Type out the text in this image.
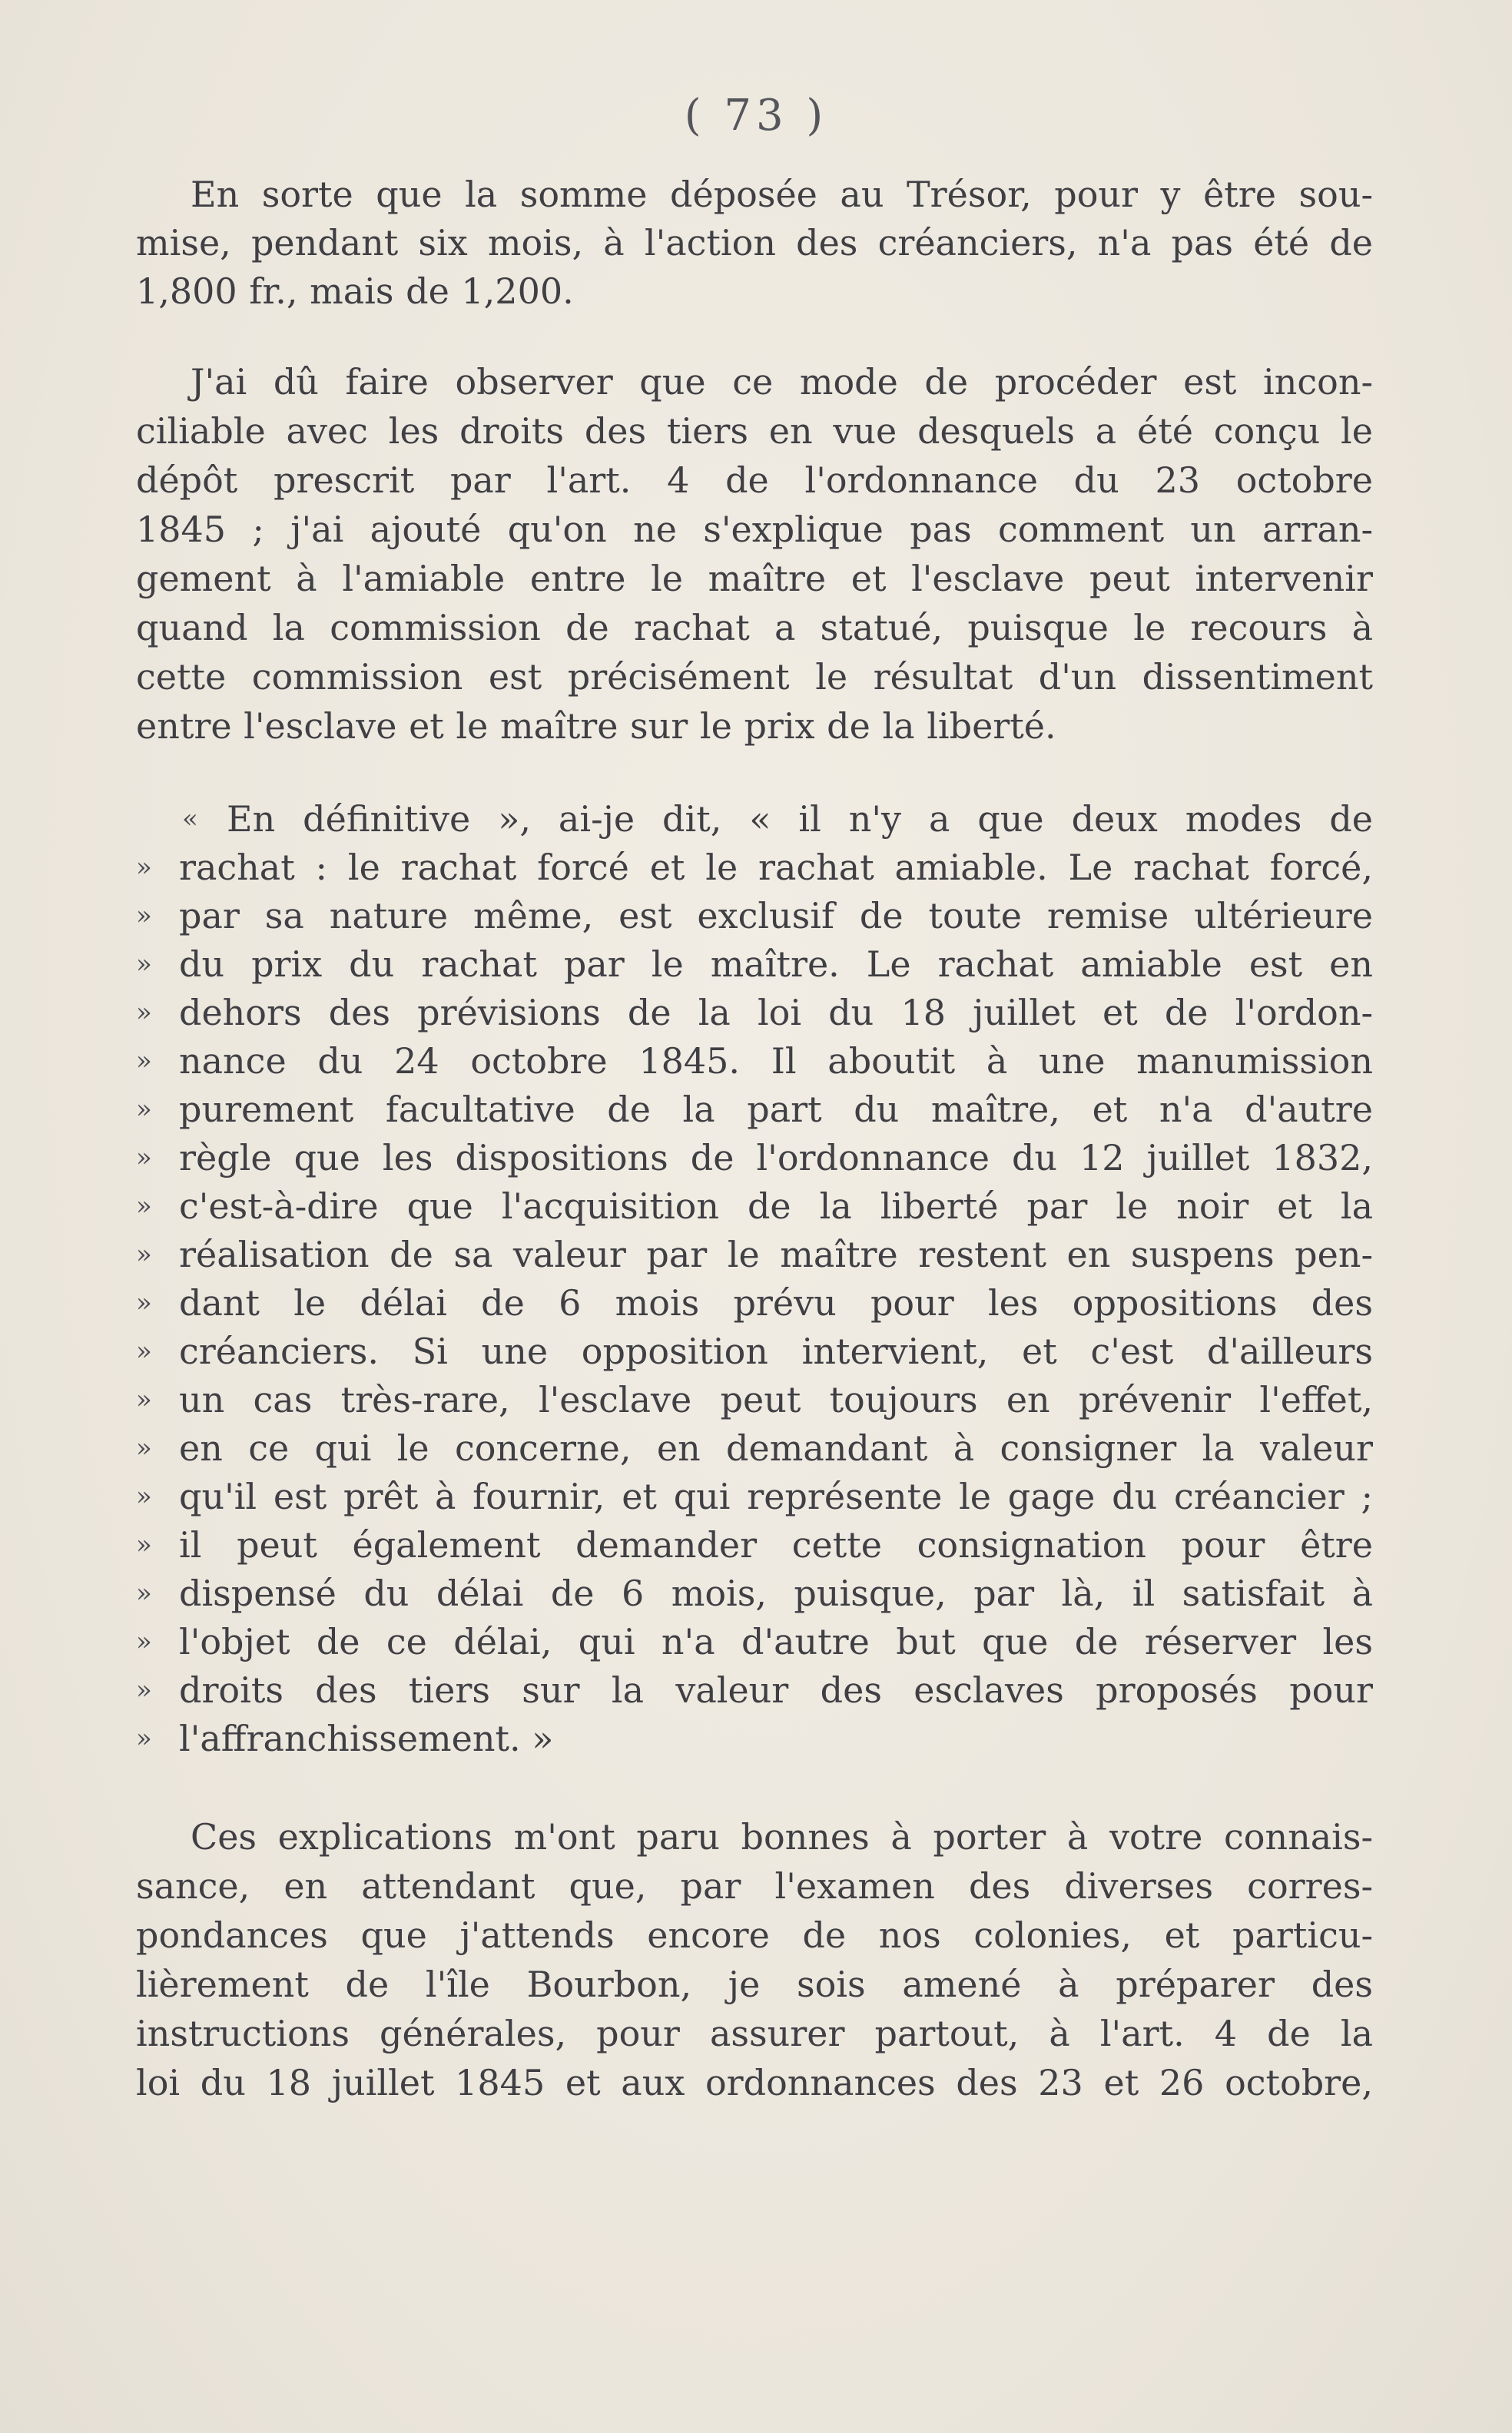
( 73 )
En sorte que la somme déposée au Trésor, pour y être sou-
mise, pendant six mois, à l'action des créanciers, n'a pas été de
1,800 fr., mais de 1,200.
J'ai dû faire observer que ce mode de procéder est incon-
ciliable avec les droits des tiers en vue desquels a été conçu le
dépôt prescrit par l'art. 4 de l'ordonnance du 23 octobre
1845 ; j'ai ajouté qu'on ne s'explique pas comment un arran-
gement à l'amiable entre le maître et l'esclave peut intervenir
quand la commission de rachat a statué, puisque le recours à
cette commission est précisément le résultat d'un dissentiment
entre l'esclave et le maître sur le prix de la liberté.
« En définitive », ai-je dit, « il n'y a que deux modes de
» rachat : le rachat forcé et le rachat amiable. Le rachat forcé,
» par sa nature même, est exclusif de toute remise ultérieure
» du prix du rachat par le maître. Le rachat amiable est en
» dehors des prévisions de la loi du 18 juillet et de l'ordon-
» nance du 24 octobre 1845. Il aboutit à une manumission
» purement facultative de la part du maître, et n'a d'autre
» règle que les dispositions de l'ordonnance du 12 juillet 1832,
» c'est-à-dire que l'acquisition de la liberté par le noir et la
» réalisation de sa valeur par le maître restent en suspens pen-
» dant le délai de 6 mois prévu pour les oppositions des
» créanciers. Si une opposition intervient, et c'est d'ailleurs
» un cas très-rare, l'esclave peut toujours en prévenir l'effet,
» en ce qui le concerne, en demandant à consigner la valeur
» qu'il est prêt à fournir, et qui représente le gage du créancier ;
» il peut également demander cette consignation pour être
» dispensé du délai de 6 mois, puisque, par là, il satisfait à
» l'objet de ce délai, qui n'a d'autre but que de réserver les
» droits des tiers sur la valeur des esclaves proposés pour
» l'affranchissement. »
Ces explications m'ont paru bonnes à porter à votre connais-
sance, en attendant que, par l'examen des diverses corres-
pondances que j'attends encore de nos colonies, et particu-
lièrement de l'île Bourbon, je sois amené à préparer des
instructions générales, pour assurer partout, à l'art. 4 de la
loi du 18 juillet 1845 et aux ordonnances des 23 et 26 octobre,
